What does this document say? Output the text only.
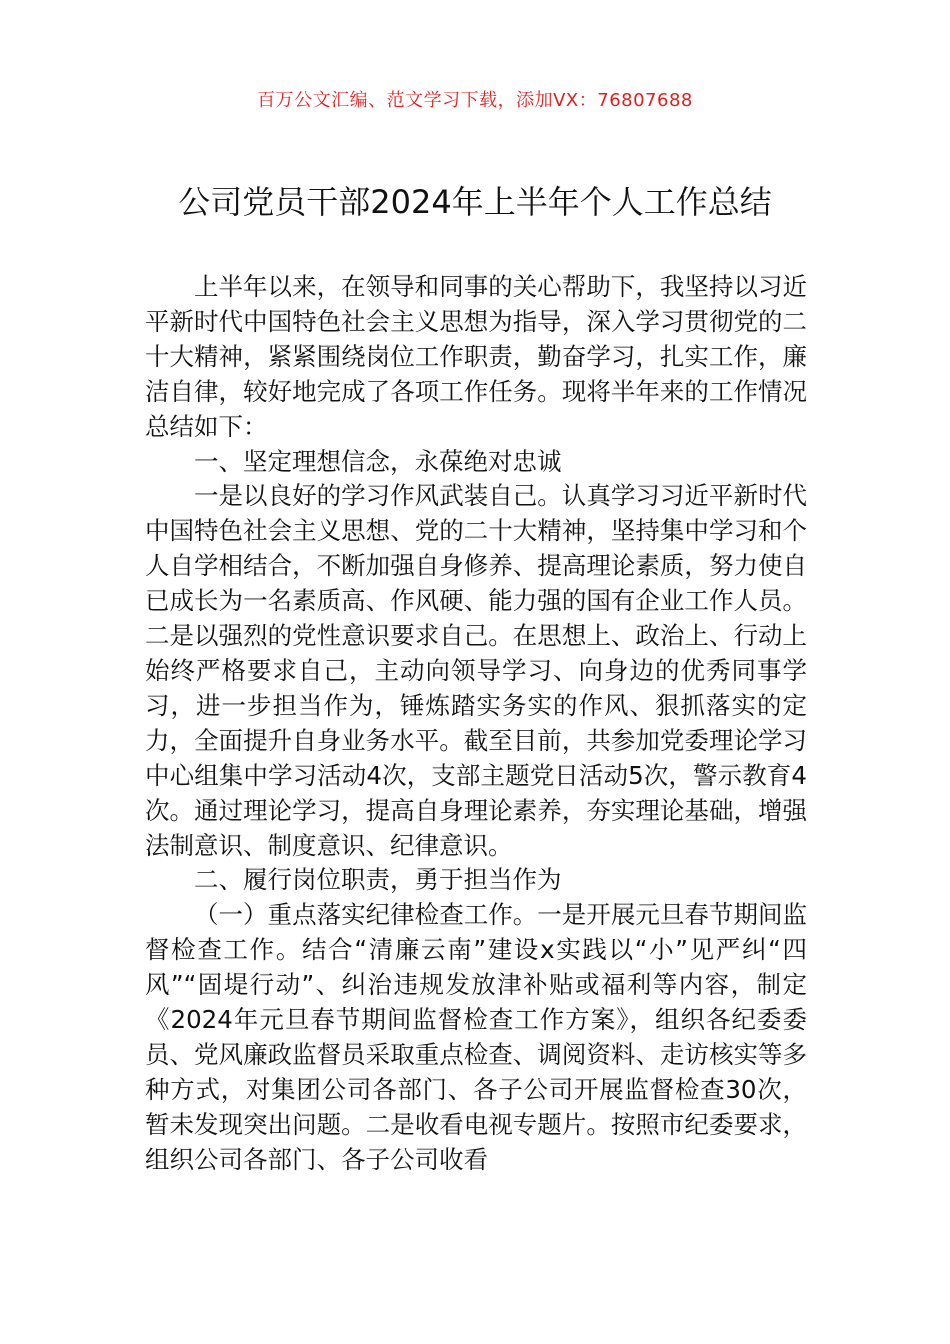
百万公文汇编、范文学习下载，添加VX：76807688
公司党员干部2024年上半年个人工作总结

上半年以来，在领导和同事的关心帮助下，我坚持以习近平新时代中国特色社会主义思想为指导，深入学习贯彻党的二十大精神，紧紧围绕岗位工作职责，勤奋学习，扎实工作，廉洁自律，较好地完成了各项工作任务。现将半年来的工作情况总结如下：

一、坚定理想信念，永葆绝对忠诚

一是以良好的学习作风武装自己。认真学习习近平新时代中国特色社会主义思想、党的二十大精神，坚持集中学习和个人自学相结合，不断加强自身修养、提高理论素质，努力使自已成长为一名素质高、作风硬、能力强的国有企业工作人员。二是以强烈的党性意识要求自己。在思想上、政治上、行动上始终严格要求自己，主动向领导学习、向身边的优秀同事学习，进一步担当作为，锤炼踏实务实的作风、狠抓落实的定力，全面提升自身业务水平。截至目前，共参加党委理论学习中心组集中学习活动4次，支部主题党日活动5次，警示教育4次。通过理论学习，提高自身理论素养，夯实理论基础，增强法制意识、制度意识、纪律意识。

二、履行岗位职责，勇于担当作为

（一）重点落实纪律检查工作。一是开展元旦春节期间监督检查工作。结合“清廉云南”建设x实践以“小”见严纠“四风”“固堤行动”、纠治违规发放津补贴或福利等内容，制定《2024年元旦春节期间监督检查工作方案》，组织各纪委委员、党风廉政监督员采取重点检查、调阅资料、走访核实等多种方式，对集团公司各部门、各子公司开展监督检查30次，暂未发现突出问题。二是收看电视专题片。按照市纪委要求，组织公司各部门、各子公司收看
